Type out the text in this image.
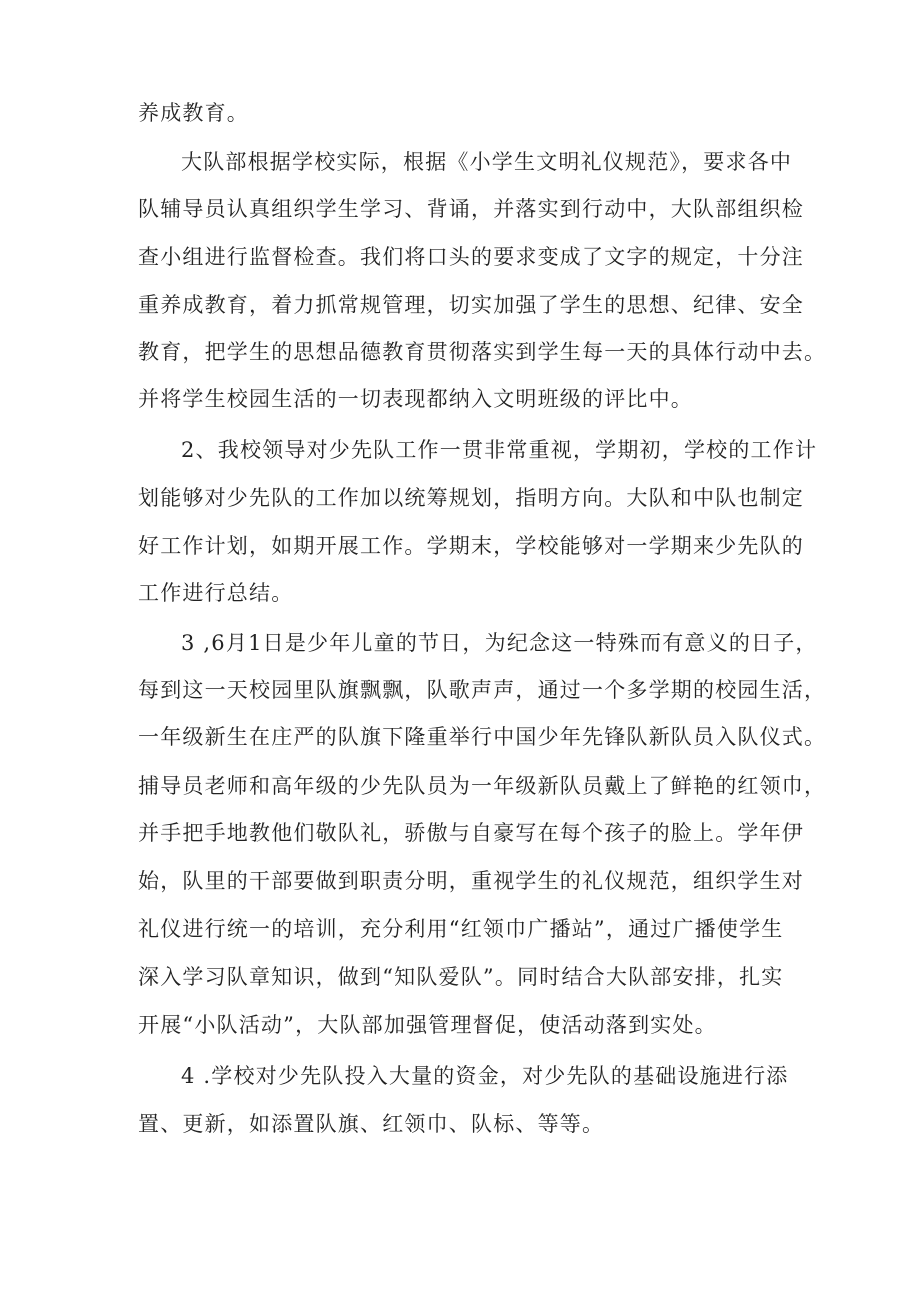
养成教育。
大队部根据学校实际，根据《小学生文明礼仪规范》，要求各中
队辅导员认真组织学生学习、背诵，并落实到行动中，大队部组织检
查小组进行监督检查。我们将口头的要求变成了文字的规定，十分注
重养成教育，着力抓常规管理，切实加强了学生的思想、纪律、安全
教育，把学生的思想品德教育贯彻落实到学生每一天的具体行动中去。
并将学生校园生活的一切表现都纳入文明班级的评比中。
2、我校领导对少先队工作一贯非常重视，学期初，学校的工作计
划能够对少先队的工作加以统筹规划，指明方向。大队和中队也制定
好工作计划，如期开展工作。学期末，学校能够对一学期来少先队的
工作进行总结。
3 ,6月1日是少年儿童的节日，为纪念这一特殊而有意义的日子，
每到这一天校园里队旗飘飘，队歌声声，通过一个多学期的校园生活，
一年级新生在庄严的队旗下隆重举行中国少年先锋队新队员入队仪式。
捕导员老师和高年级的少先队员为一年级新队员戴上了鲜艳的红领巾，
并手把手地教他们敬队礼，骄傲与自豪写在每个孩子的脸上。学年伊
始，队里的干部要做到职责分明，重视学生的礼仪规范，组织学生对
礼仪进行统一的培训，充分利用“红领巾广播站”，通过广播使学生
深入学习队章知识，做到“知队爱队”。同时结合大队部安排，扎实
开展“小队活动”，大队部加强管理督促，使活动落到实处。
4 .学校对少先队投入大量的资金，对少先队的基础设施进行添
置、更新，如添置队旗、红领巾、队标、等等。
